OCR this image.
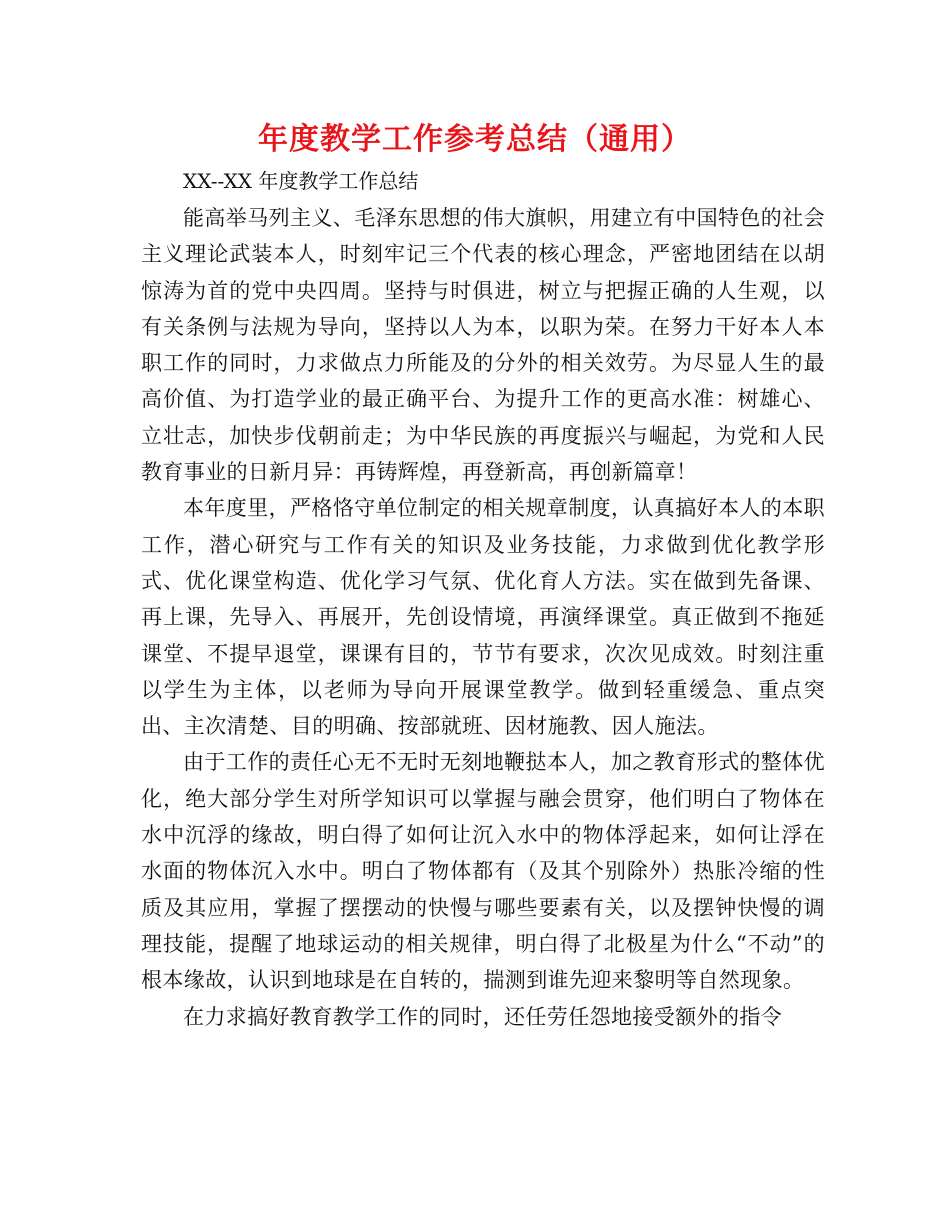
年度教学工作参考总结（通用）

XX--XX 年度教学工作总结

能高举马列主义、毛泽东思想的伟大旗帜，用建立有中国特色的社会主义理论武装本人，时刻牢记三个代表的核心理念，严密地团结在以胡惊涛为首的党中央四周。坚持与时俱进，树立与把握正确的人生观，以有关条例与法规为导向，坚持以人为本，以职为荣。在努力干好本人本职工作的同时，力求做点力所能及的分外的相关效劳。为尽显人生的最高价值、为打造学业的最正确平台、为提升工作的更高水准：树雄心、立壮志，加快步伐朝前走；为中华民族的再度振兴与崛起，为党和人民教育事业的日新月异：再铸辉煌，再登新高，再创新篇章！

本年度里，严格恪守单位制定的相关规章制度，认真搞好本人的本职工作，潜心研究与工作有关的知识及业务技能，力求做到优化教学形式、优化课堂构造、优化学习气氛、优化育人方法。实在做到先备课、再上课，先导入、再展开，先创设情境，再演绎课堂。真正做到不拖延课堂、不提早退堂，课课有目的，节节有要求，次次见成效。时刻注重以学生为主体，以老师为导向开展课堂教学。做到轻重缓急、重点突出、主次清楚、目的明确、按部就班、因材施教、因人施法。

由于工作的责任心无不无时无刻地鞭挞本人，加之教育形式的整体优化，绝大部分学生对所学知识可以掌握与融会贯穿，他们明白了物体在水中沉浮的缘故，明白得了如何让沉入水中的物体浮起来，如何让浮在水面的物体沉入水中。明白了物体都有（及其个别除外）热胀冷缩的性质及其应用，掌握了摆摆动的快慢与哪些要素有关，以及摆钟快慢的调理技能，提醒了地球运动的相关规律，明白得了北极星为什么“不动”的根本缘故，认识到地球是在自转的，揣测到谁先迎来黎明等自然现象。

在力求搞好教育教学工作的同时，还任劳任怨地接受额外的指令
